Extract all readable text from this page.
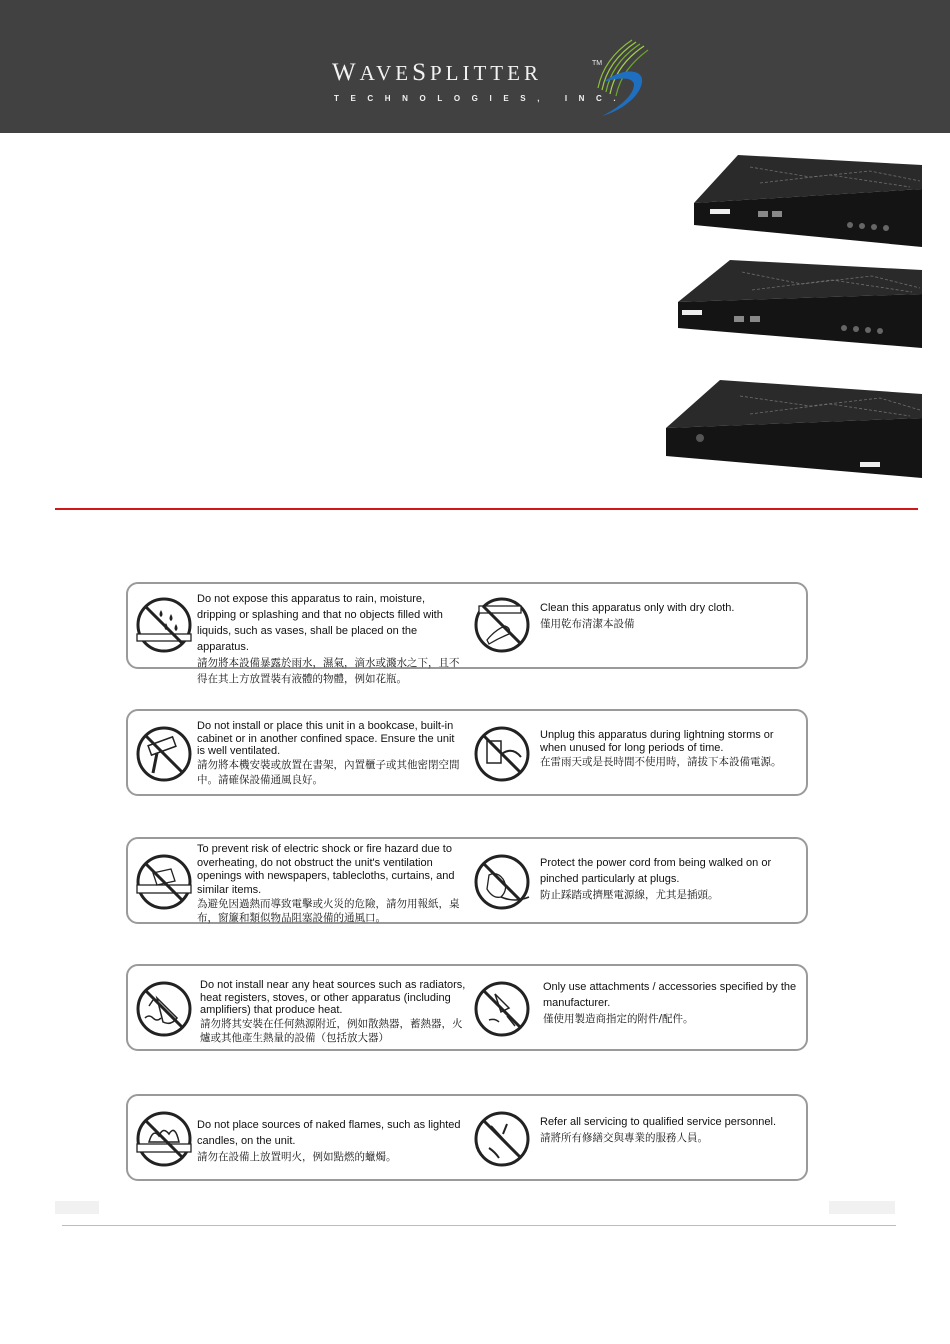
WAVESPLITTER	TM

TECHNOLOGIES, INC.

Do not expose this apparatus to rain, moisture, dripping or splashing and that no objects filled with liquids, such as vases, shall be placed on the apparatus.
請勿將本設備暴露於雨水，濕氣，滴水或濺水之下，且不得在其上方放置裝有液體的物體，例如花瓶。

Clean this apparatus only with dry cloth.
僅用乾布清潔本設備

Do not install or place this unit in a bookcase, built-in cabinet or in another confined space. Ensure the unit is well ventilated.
請勿將本機安裝或放置在書架，內置櫃子或其他密閉空間中。請確保設備通風良好。

Unplug this apparatus during lightning storms or when unused for long periods of time.
在雷雨天或是長時間不使用時，請拔下本設備電源。

To prevent risk of electric shock or fire hazard due to overheating, do not obstruct the unit's ventilation openings with newspapers, tablecloths, curtains, and similar items.
為避免因過熱而導致電擊或火災的危險，請勿用報紙，桌布，窗簾和類似物品阻塞設備的通風口。

Protect the power cord from being walked on or pinched particularly at plugs.
防止踩踏或擠壓電源線，尤其是插頭。

Do not install near any heat sources such as radiators, heat registers, stoves, or other apparatus (including amplifiers) that produce heat.
請勿將其安裝在任何熱源附近，例如散熱器，蓄熱器，火爐或其他產生熱量的設備（包括放大器）

Only use attachments / accessories specified by the manufacturer.
僅使用製造商指定的附件/配件。

Do not place sources of naked flames, such as lighted candles, on the unit.
請勿在設備上放置明火，例如點燃的蠟燭。

Refer all servicing to qualified service personnel.
請將所有修繕交與專業的服務人員。
